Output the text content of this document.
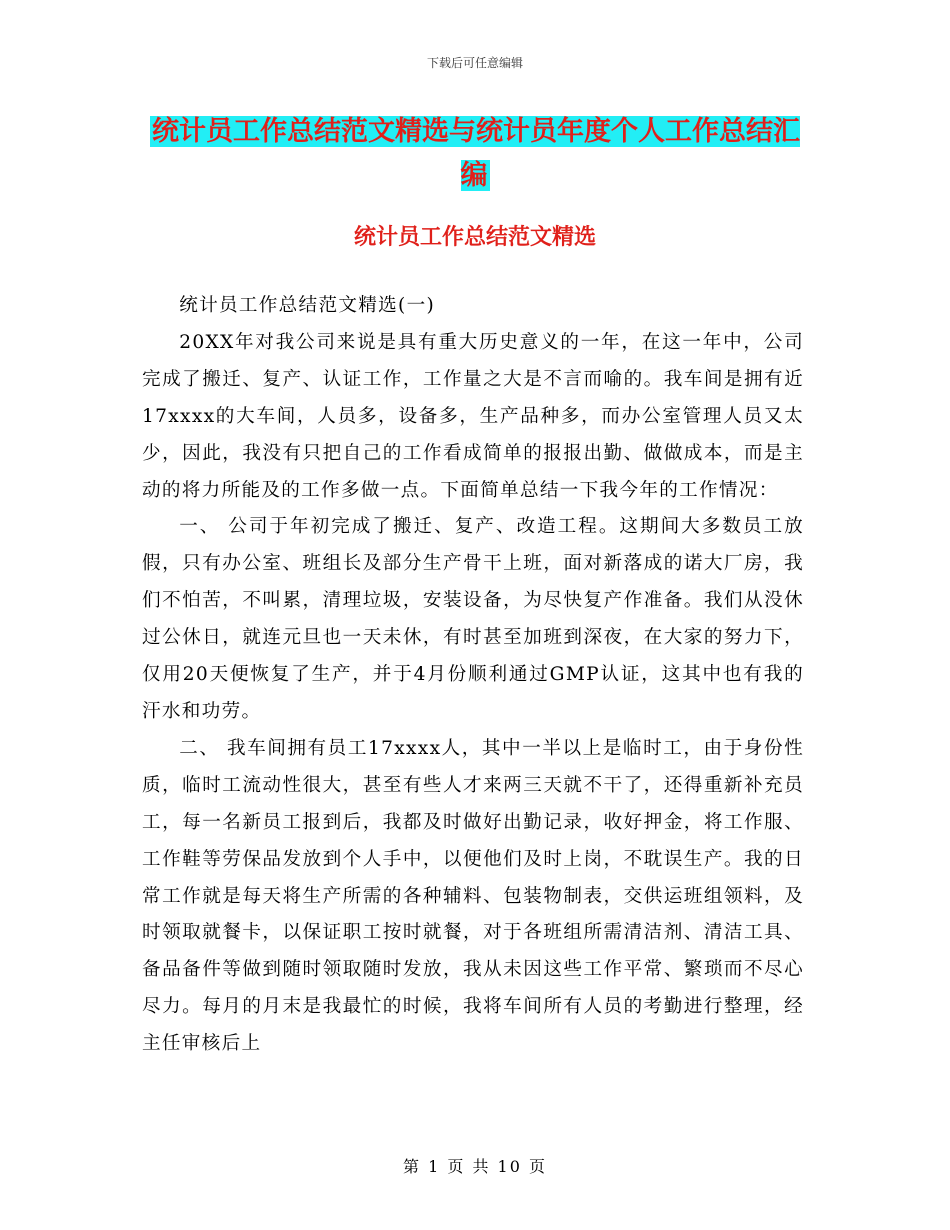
下载后可任意编辑
统计员工作总结范文精选与统计员年度个人工作总结汇编
统计员工作总结范文精选

统计员工作总结范文精选(一)

20XX年对我公司来说是具有重大历史意义的一年，在这一年中，公司完成了搬迁、复产、认证工作，工作量之大是不言而喻的。我车间是拥有近17xxxx的大车间，人员多，设备多，生产品种多，而办公室管理人员又太少，因此，我没有只把自己的工作看成简单的报报出勤、做做成本，而是主动的将力所能及的工作多做一点。下面简单总结一下我今年的工作情况：

一、 公司于年初完成了搬迁、复产、改造工程。这期间大多数员工放假，只有办公室、班组长及部分生产骨干上班，面对新落成的诺大厂房，我们不怕苦，不叫累，清理垃圾，安装设备，为尽快复产作准备。我们从没休过公休日，就连元旦也一天未休，有时甚至加班到深夜，在大家的努力下，仅用20天便恢复了生产，并于4月份顺利通过GMP认证，这其中也有我的汗水和功劳。

二、 我车间拥有员工17xxxx人，其中一半以上是临时工，由于身份性质，临时工流动性很大，甚至有些人才来两三天就不干了，还得重新补充员工，每一名新员工报到后，我都及时做好出勤记录，收好押金，将工作服、工作鞋等劳保品发放到个人手中，以便他们及时上岗，不耽误生产。我的日常工作就是每天将生产所需的各种辅料、包装物制表，交供运班组领料，及时领取就餐卡，以保证职工按时就餐，对于各班组所需清洁剂、清洁工具、备品备件等做到随时领取随时发放，我从未因这些工作平常、繁琐而不尽心尽力。每月的月末是我最忙的时候，我将车间所有人员的考勤进行整理，经主任审核后上

第 1 页 共 10 页
